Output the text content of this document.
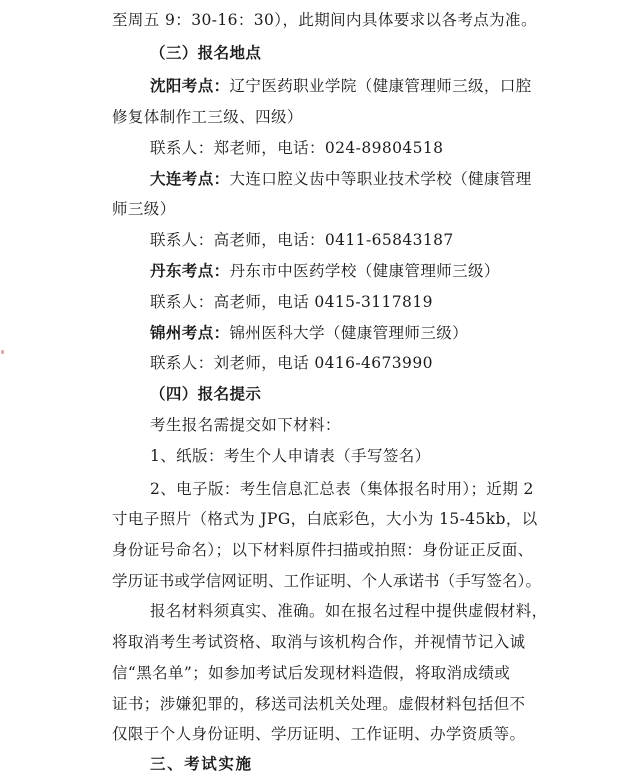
至周五 9：30-16：30），此期间内具体要求以各考点为准。
（三）报名地点
沈阳考点：辽宁医药职业学院（健康管理师三级，口腔
修复体制作工三级、四级）
联系人：郑老师，电话：024-89804518
大连考点：大连口腔义齿中等职业技术学校（健康管理
师三级）
联系人：高老师，电话：0411-65843187
丹东考点：丹东市中医药学校（健康管理师三级）
联系人：高老师，电话 0415-3117819
锦州考点：锦州医科大学（健康管理师三级）
联系人：刘老师，电话 0416-4673990
（四）报名提示
考生报名需提交如下材料：
1、纸版：考生个人申请表（手写签名）
2、电子版：考生信息汇总表（集体报名时用）；近期 2
寸电子照片（格式为 JPG，白底彩色，大小为 15-45kb，以
身份证号命名）；以下材料原件扫描或拍照：身份证正反面、
学历证书或学信网证明、工作证明、个人承诺书（手写签名）。
报名材料须真实、准确。如在报名过程中提供虚假材料，
将取消考生考试资格、取消与该机构合作，并视情节记入诚
信“黑名单”；如参加考试后发现材料造假，将取消成绩或
证书；涉嫌犯罪的，移送司法机关处理。虚假材料包括但不
仅限于个人身份证明、学历证明、工作证明、办学资质等。
三、考试实施
